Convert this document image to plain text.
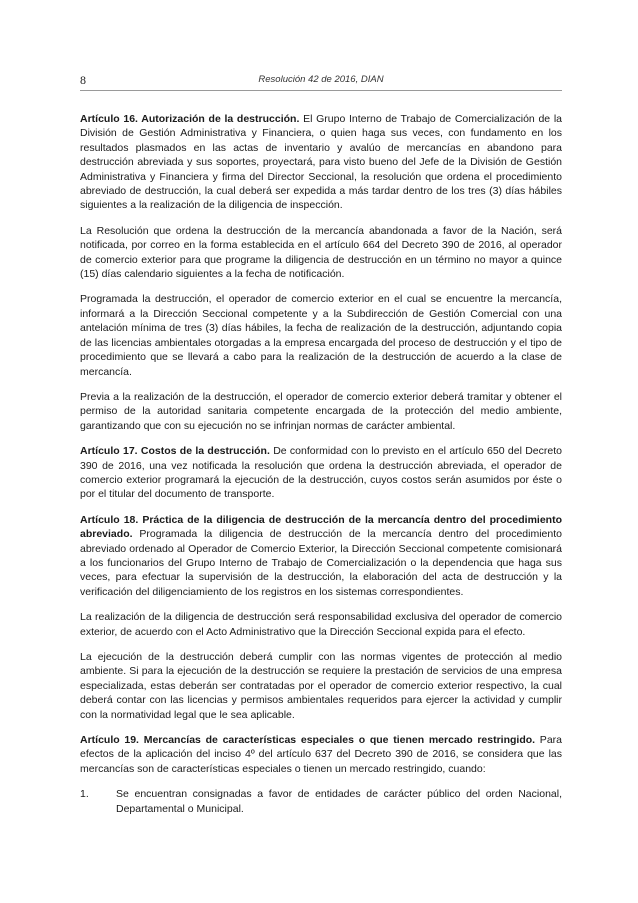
8	Resolución 42 de 2016, DIAN

Artículo 16. Autorización de la destrucción. El Grupo Interno de Trabajo de Comercialización de la División de Gestión Administrativa y Financiera, o quien haga sus veces, con fundamento en los resultados plasmados en las actas de inventario y avalúo de mercancías en abandono para destrucción abreviada y sus soportes, proyectará, para visto bueno del Jefe de la División de Gestión Administrativa y Financiera y firma del Director Seccional, la resolución que ordena el procedimiento abreviado de destrucción, la cual deberá ser expedida a más tardar dentro de los tres (3) días hábiles siguientes a la realización de la diligencia de inspección.

La Resolución que ordena la destrucción de la mercancía abandonada a favor de la Nación, será notificada, por correo en la forma establecida en el artículo 664 del Decreto 390 de 2016, al operador de comercio exterior para que programe la diligencia de destrucción en un término no mayor a quince (15) días calendario siguientes a la fecha de notificación.

Programada la destrucción, el operador de comercio exterior en el cual se encuentre la mercancía, informará a la Dirección Seccional competente y a la Subdirección de Gestión Comercial con una antelación mínima de tres (3) días hábiles, la fecha de realización de la destrucción, adjuntando copia de las licencias ambientales otorgadas a la empresa encargada del proceso de destrucción y el tipo de procedimiento que se llevará a cabo para la realización de la destrucción de acuerdo a la clase de mercancía.

Previa a la realización de la destrucción, el operador de comercio exterior deberá tramitar y obtener el permiso de la autoridad sanitaria competente encargada de la protección del medio ambiente, garantizando que con su ejecución no se infrinjan normas de carácter ambiental.

Artículo 17. Costos de la destrucción. De conformidad con lo previsto en el artículo 650 del Decreto 390 de 2016, una vez notificada la resolución que ordena la destrucción abreviada, el operador de comercio exterior programará la ejecución de la destrucción, cuyos costos serán asumidos por éste o por el titular del documento de transporte.

Artículo 18. Práctica de la diligencia de destrucción de la mercancía dentro del procedimiento abreviado. Programada la diligencia de destrucción de la mercancía dentro del procedimiento abreviado ordenado al Operador de Comercio Exterior, la Dirección Seccional competente comisionará a los funcionarios del Grupo Interno de Trabajo de Comercialización o la dependencia que haga sus veces, para efectuar la supervisión de la destrucción, la elaboración del acta de destrucción y la verificación del diligenciamiento de los registros en los sistemas correspondientes.

La realización de la diligencia de destrucción será responsabilidad exclusiva del operador de comercio exterior, de acuerdo con el Acto Administrativo que la Dirección Seccional expida para el efecto.

La ejecución de la destrucción deberá cumplir con las normas vigentes de protección al medio ambiente. Si para la ejecución de la destrucción se requiere la prestación de servicios de una empresa especializada, estas deberán ser contratadas por el operador de comercio exterior respectivo, la cual deberá contar con las licencias y permisos ambientales requeridos para ejercer la actividad y cumplir con la normatividad legal que le sea aplicable.

Artículo 19. Mercancías de características especiales o que tienen mercado restringido. Para efectos de la aplicación del inciso 4º del artículo 637 del Decreto 390 de 2016, se considera que las mercancías son de características especiales o tienen un mercado restringido, cuando:

1.	Se encuentran consignadas a favor de entidades de carácter público del orden Nacional, Departamental o Municipal.
